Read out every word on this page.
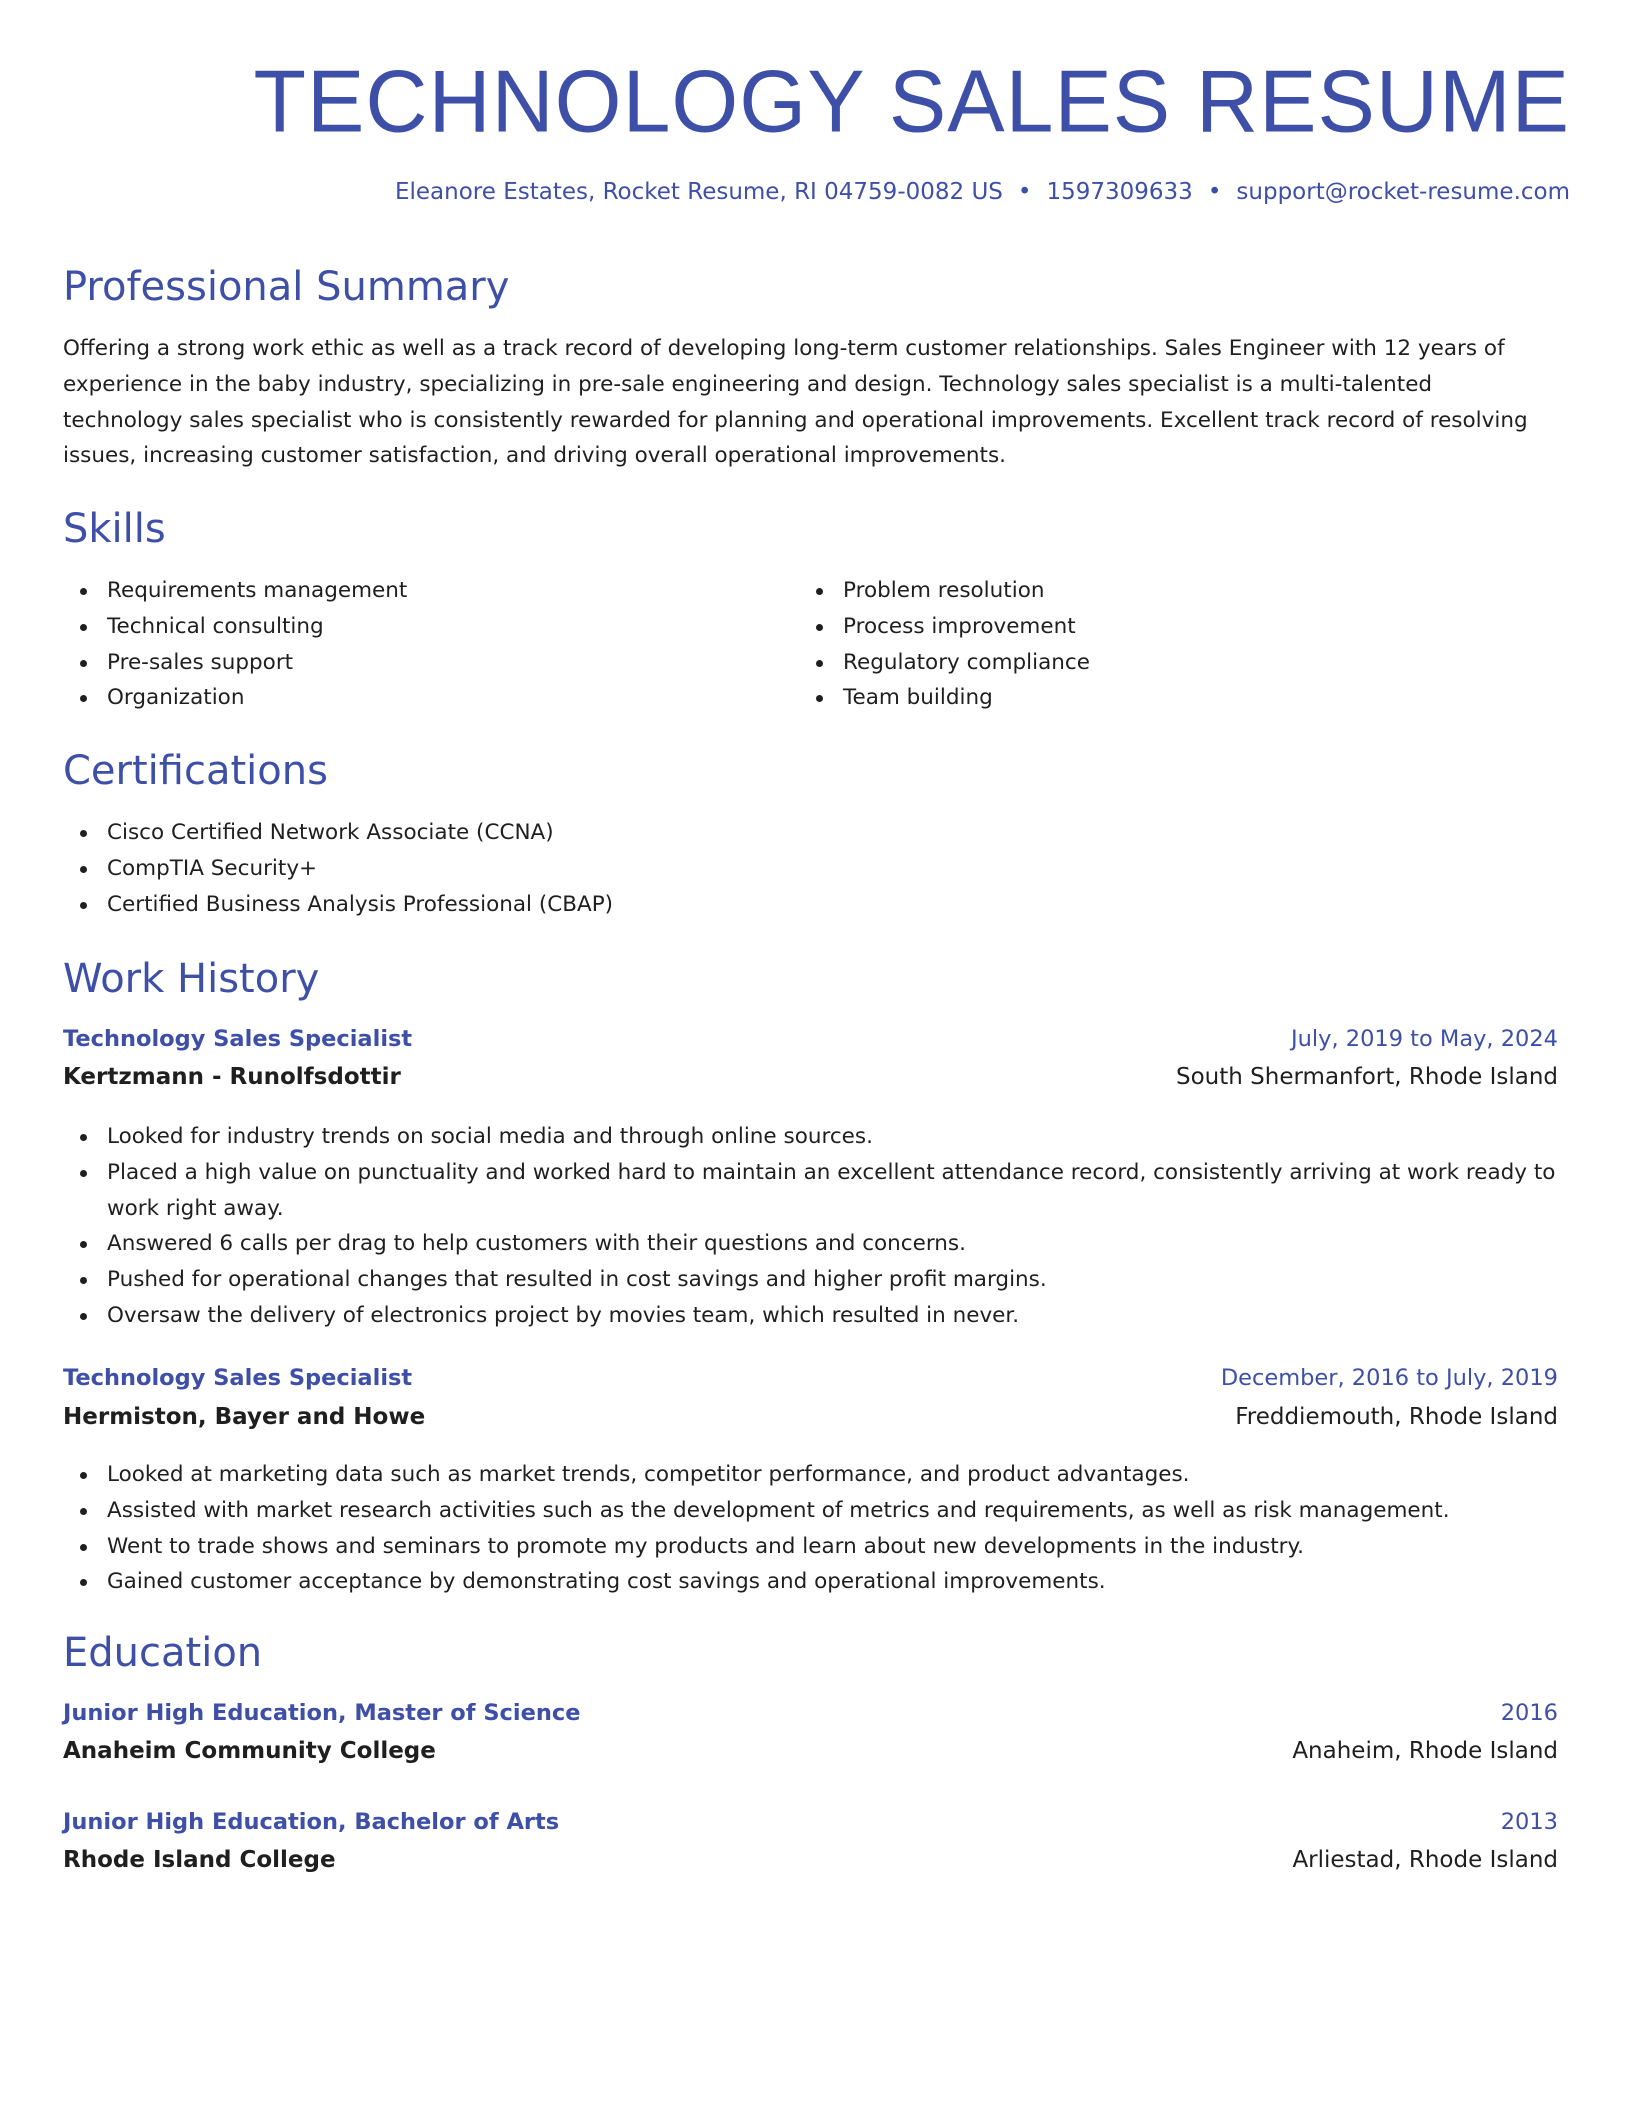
TECHNOLOGY SALES RESUME

Eleanore Estates, Rocket Resume, RI 04759-0082 US • 1597309633 • support@rocket-resume.com

Professional Summary

Offering a strong work ethic as well as a track record of developing long-term customer relationships. Sales Engineer with 12 years of experience in the baby industry, specializing in pre-sale engineering and design. Technology sales specialist is a multi-talented technology sales specialist who is consistently rewarded for planning and operational improvements. Excellent track record of resolving issues, increasing customer satisfaction, and driving overall operational improvements.

Skills
Requirements management
Technical consulting
Pre-sales support
Organization
Problem resolution
Process improvement
Regulatory compliance
Team building
Certifications
Cisco Certified Network Associate (CCNA)
CompTIA Security+
Certified Business Analysis Professional (CBAP)
Work History
Technology Sales Specialist	July, 2019 to May, 2024
Kertzmann - Runolfsdottir	South Shermanfort, Rhode Island
Looked for industry trends on social media and through online sources.
Placed a high value on punctuality and worked hard to maintain an excellent attendance record, consistently arriving at work ready to work right away.
Answered 6 calls per drag to help customers with their questions and concerns.
Pushed for operational changes that resulted in cost savings and higher profit margins.
Oversaw the delivery of electronics project by movies team, which resulted in never.
Technology Sales Specialist	December, 2016 to July, 2019
Hermiston, Bayer and Howe	Freddiemouth, Rhode Island
Looked at marketing data such as market trends, competitor performance, and product advantages.
Assisted with market research activities such as the development of metrics and requirements, as well as risk management.
Went to trade shows and seminars to promote my products and learn about new developments in the industry.
Gained customer acceptance by demonstrating cost savings and operational improvements.
Education
Junior High Education, Master of Science	2016
Anaheim Community College	Anaheim, Rhode Island
Junior High Education, Bachelor of Arts	2013
Rhode Island College	Arliestad, Rhode Island
